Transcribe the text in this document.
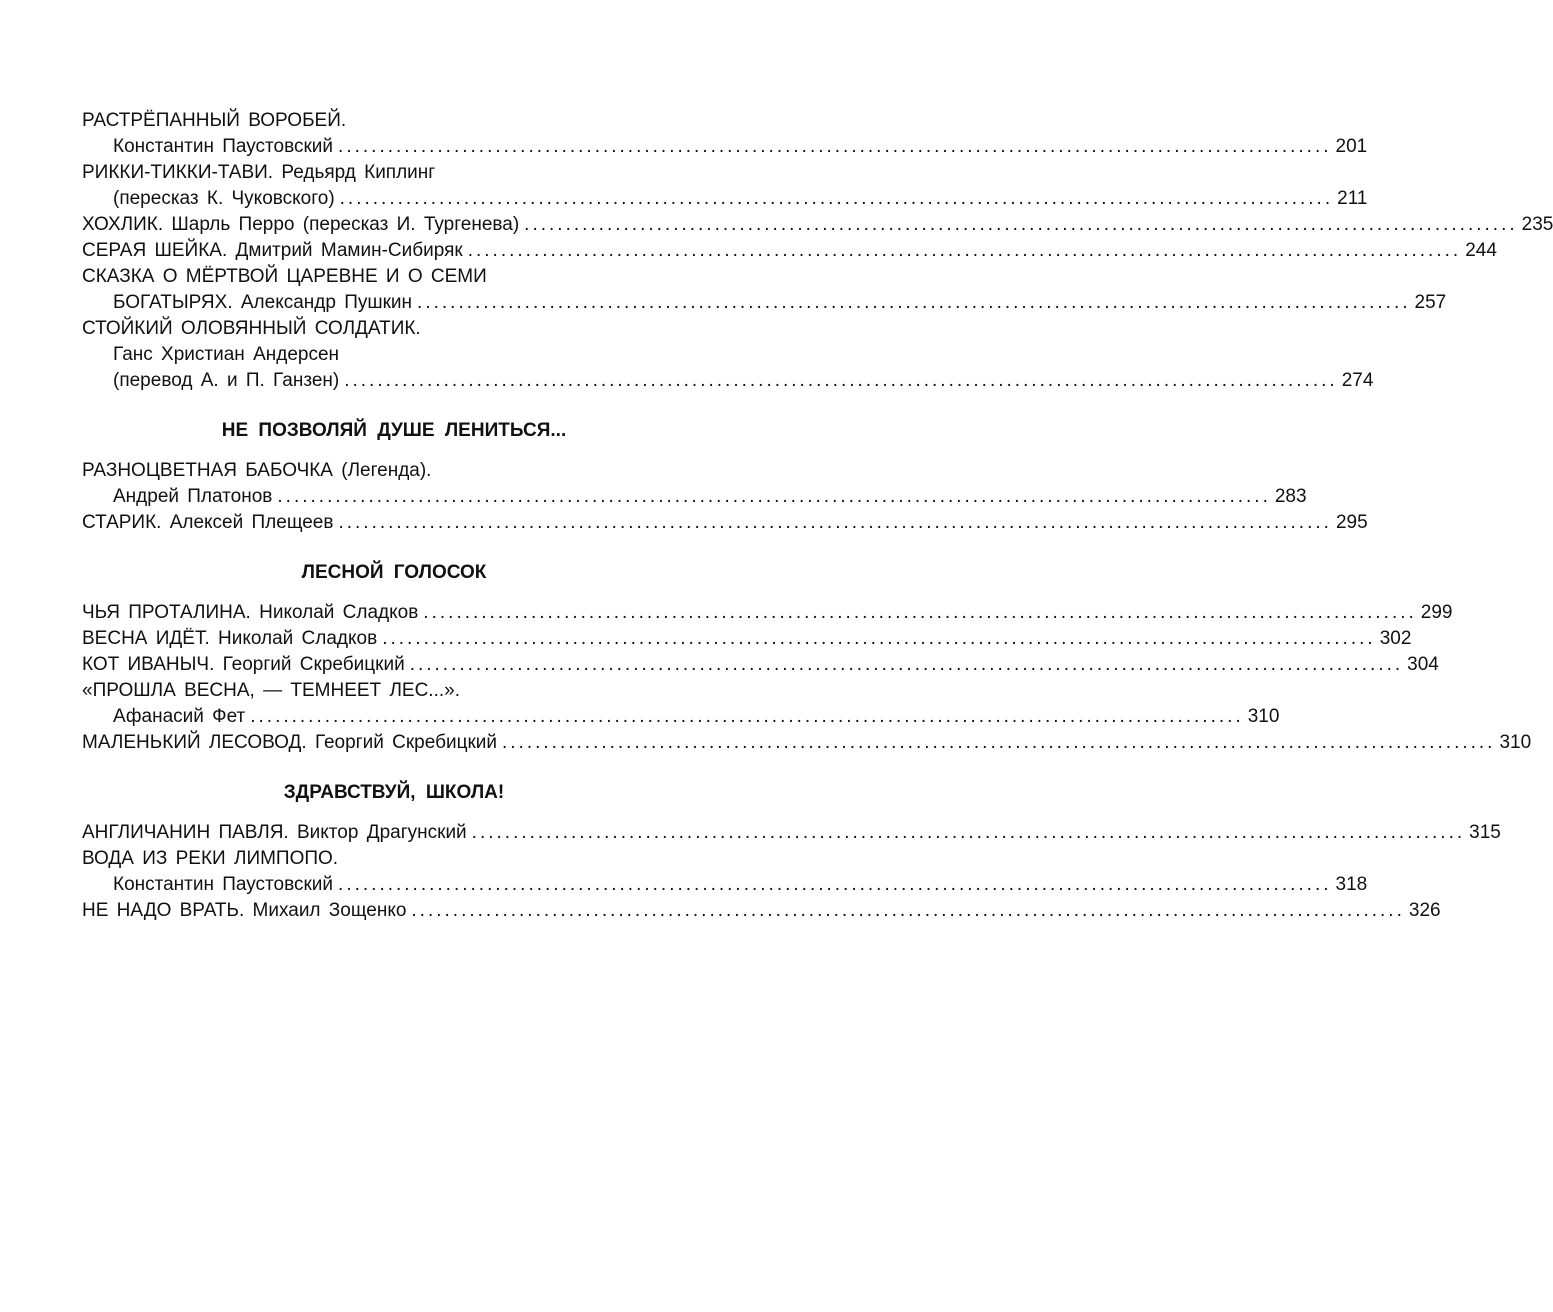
РАСТРЁПАННЫЙ ВОРОБЕЙ.
Константин Паустовский ........................................................................................................................ 201
РИККИ-ТИККИ-ТАВИ. Редьярд Киплинг
(пересказ К. Чуковского) ........................................................................................................................ 211
ХОХЛИК. Шарль Перро (пересказ И. Тургенева) ........................................................................................................................ 235
СЕРАЯ ШЕЙКА. Дмитрий Мамин-Сибиряк ........................................................................................................................ 244
СКАЗКА О МЁРТВОЙ ЦАРЕВНЕ И О СЕМИ
БОГАТЫРЯХ. Александр Пушкин ........................................................................................................................ 257
СТОЙКИЙ ОЛОВЯННЫЙ СОЛДАТИК.
Ганс Христиан Андерсен
(перевод А. и П. Ганзен) ........................................................................................................................ 274
НЕ ПОЗВОЛЯЙ ДУШЕ ЛЕНИТЬСЯ...
РАЗНОЦВЕТНАЯ БАБОЧКА (Легенда).
Андрей Платонов ........................................................................................................................ 283
СТАРИК. Алексей Плещеев ........................................................................................................................ 295
ЛЕСНОЙ ГОЛОСОК
ЧЬЯ ПРОТАЛИНА. Николай Сладков ........................................................................................................................ 299
ВЕСНА ИДЁТ. Николай Сладков ........................................................................................................................ 302
КОТ ИВАНЫЧ. Георгий Скребицкий ........................................................................................................................ 304
«ПРОШЛА ВЕСНА, — ТЕМНЕЕТ ЛЕС...».
Афанасий Фет ........................................................................................................................ 310
МАЛЕНЬКИЙ ЛЕСОВОД. Георгий Скребицкий ........................................................................................................................ 310
ЗДРАВСТВУЙ, ШКОЛА!
АНГЛИЧАНИН ПАВЛЯ. Виктор Драгунский ........................................................................................................................ 315
ВОДА ИЗ РЕКИ ЛИМПОПО.
Константин Паустовский ........................................................................................................................ 318
НЕ НАДО ВРАТЬ. Михаил Зощенко ........................................................................................................................ 326
